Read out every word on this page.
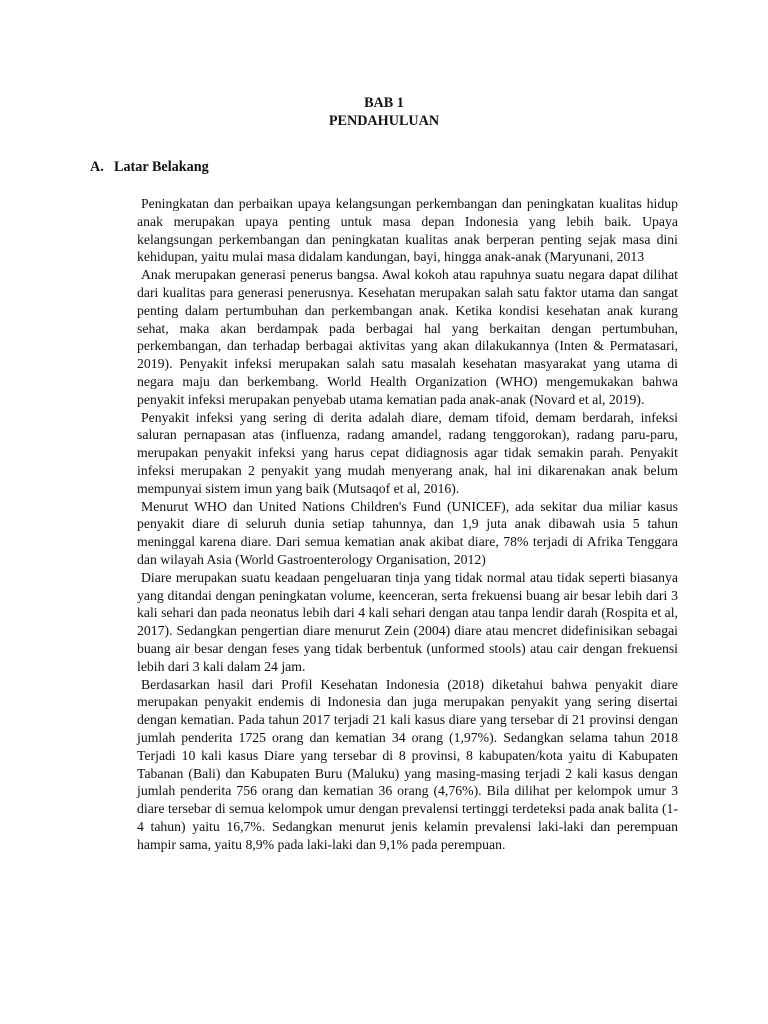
BAB 1
PENDAHULUAN
A. Latar Belakang

Peningkatan dan perbaikan upaya kelangsungan perkembangan dan peningkatan kualitas hidup anak merupakan upaya penting untuk masa depan Indonesia yang lebih baik. Upaya kelangsungan perkembangan dan peningkatan kualitas anak berperan penting sejak masa dini kehidupan, yaitu mulai masa didalam kandungan, bayi, hingga anak-anak (Maryunani, 2013

Anak merupakan generasi penerus bangsa. Awal kokoh atau rapuhnya suatu negara dapat dilihat dari kualitas para generasi penerusnya. Kesehatan merupakan salah satu faktor utama dan sangat penting dalam pertumbuhan dan perkembangan anak. Ketika kondisi kesehatan anak kurang sehat, maka akan berdampak pada berbagai hal yang berkaitan dengan pertumbuhan, perkembangan, dan terhadap berbagai aktivitas yang akan dilakukannya (Inten & Permatasari, 2019). Penyakit infeksi merupakan salah satu masalah kesehatan masyarakat yang utama di negara maju dan berkembang. World Health Organization (WHO) mengemukakan bahwa penyakit infeksi merupakan penyebab utama kematian pada anak-anak (Novard et al, 2019).

Penyakit infeksi yang sering di derita adalah diare, demam tifoid, demam berdarah, infeksi saluran pernapasan atas (influenza, radang amandel, radang tenggorokan), radang paru-paru, merupakan penyakit infeksi yang harus cepat didiagnosis agar tidak semakin parah. Penyakit infeksi merupakan 2 penyakit yang mudah menyerang anak, hal ini dikarenakan anak belum mempunyai sistem imun yang baik (Mutsaqof et al, 2016).

Menurut WHO dan United Nations Children's Fund (UNICEF), ada sekitar dua miliar kasus penyakit diare di seluruh dunia setiap tahunnya, dan 1,9 juta anak dibawah usia 5 tahun meninggal karena diare. Dari semua kematian anak akibat diare, 78% terjadi di Afrika Tenggara dan wilayah Asia (World Gastroenterology Organisation, 2012)

Diare merupakan suatu keadaan pengeluaran tinja yang tidak normal atau tidak seperti biasanya yang ditandai dengan peningkatan volume, keenceran, serta frekuensi buang air besar lebih dari 3 kali sehari dan pada neonatus lebih dari 4 kali sehari dengan atau tanpa lendir darah (Rospita et al, 2017). Sedangkan pengertian diare menurut Zein (2004) diare atau mencret didefinisikan sebagai buang air besar dengan feses yang tidak berbentuk (unformed stools) atau cair dengan frekuensi lebih dari 3 kali dalam 24 jam.

Berdasarkan hasil dari Profil Kesehatan Indonesia (2018) diketahui bahwa penyakit diare merupakan penyakit endemis di Indonesia dan juga merupakan penyakit yang sering disertai dengan kematian. Pada tahun 2017 terjadi 21 kali kasus diare yang tersebar di 21 provinsi dengan jumlah penderita 1725 orang dan kematian 34 orang (1,97%). Sedangkan selama tahun 2018 Terjadi 10 kali kasus Diare yang tersebar di 8 provinsi, 8 kabupaten/kota yaitu di Kabupaten Tabanan (Bali) dan Kabupaten Buru (Maluku) yang masing-masing terjadi 2 kali kasus dengan jumlah penderita 756 orang dan kematian 36 orang (4,76%). Bila dilihat per kelompok umur 3 diare tersebar di semua kelompok umur dengan prevalensi tertinggi terdeteksi pada anak balita (1-4 tahun) yaitu 16,7%. Sedangkan menurut jenis kelamin prevalensi laki-laki dan perempuan hampir sama, yaitu 8,9% pada laki-laki dan 9,1% pada perempuan.
